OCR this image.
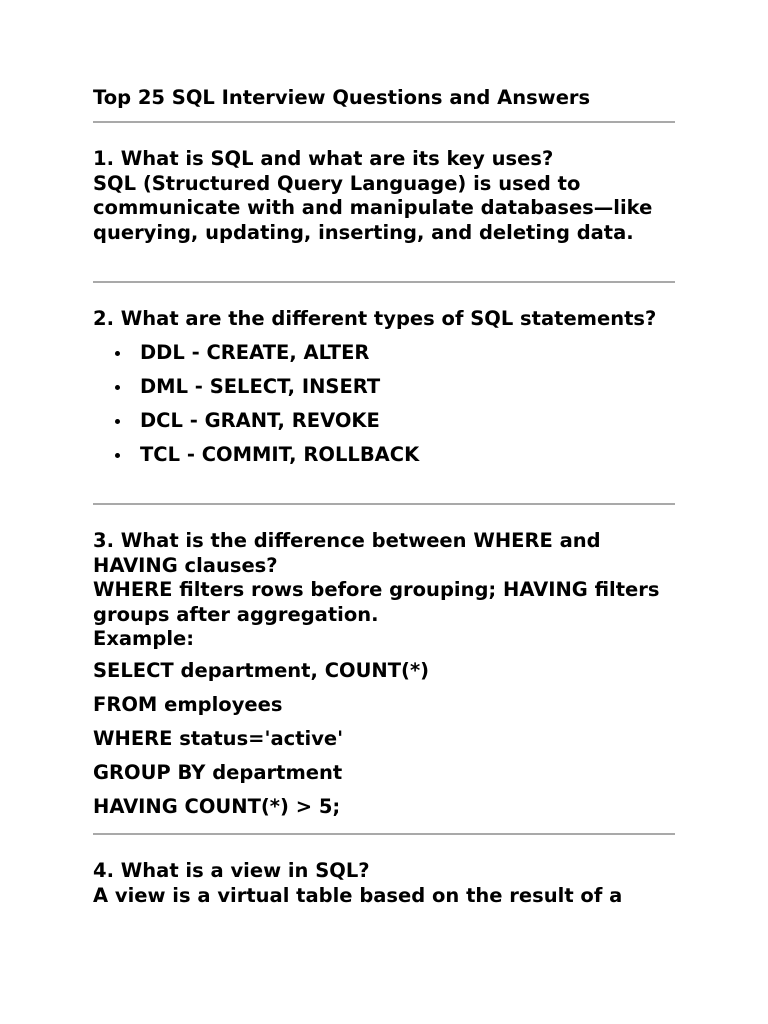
Top 25 SQL Interview Questions and Answers

1. What is SQL and what are its key uses?

SQL (Structured Query Language) is used to communicate with and manipulate databases—like querying, updating, inserting, and deleting data.

2. What are the different types of SQL statements?

DDL - CREATE, ALTER
DML - SELECT, INSERT
DCL - GRANT, REVOKE
TCL - COMMIT, ROLLBACK

3. What is the difference between WHERE and HAVING clauses?

WHERE filters rows before grouping; HAVING filters groups after aggregation.

Example:

SELECT department, COUNT(*)
FROM employees
WHERE status='active'
GROUP BY department
HAVING COUNT(*) > 5;

4. What is a view in SQL?

A view is a virtual table based on the result of a
